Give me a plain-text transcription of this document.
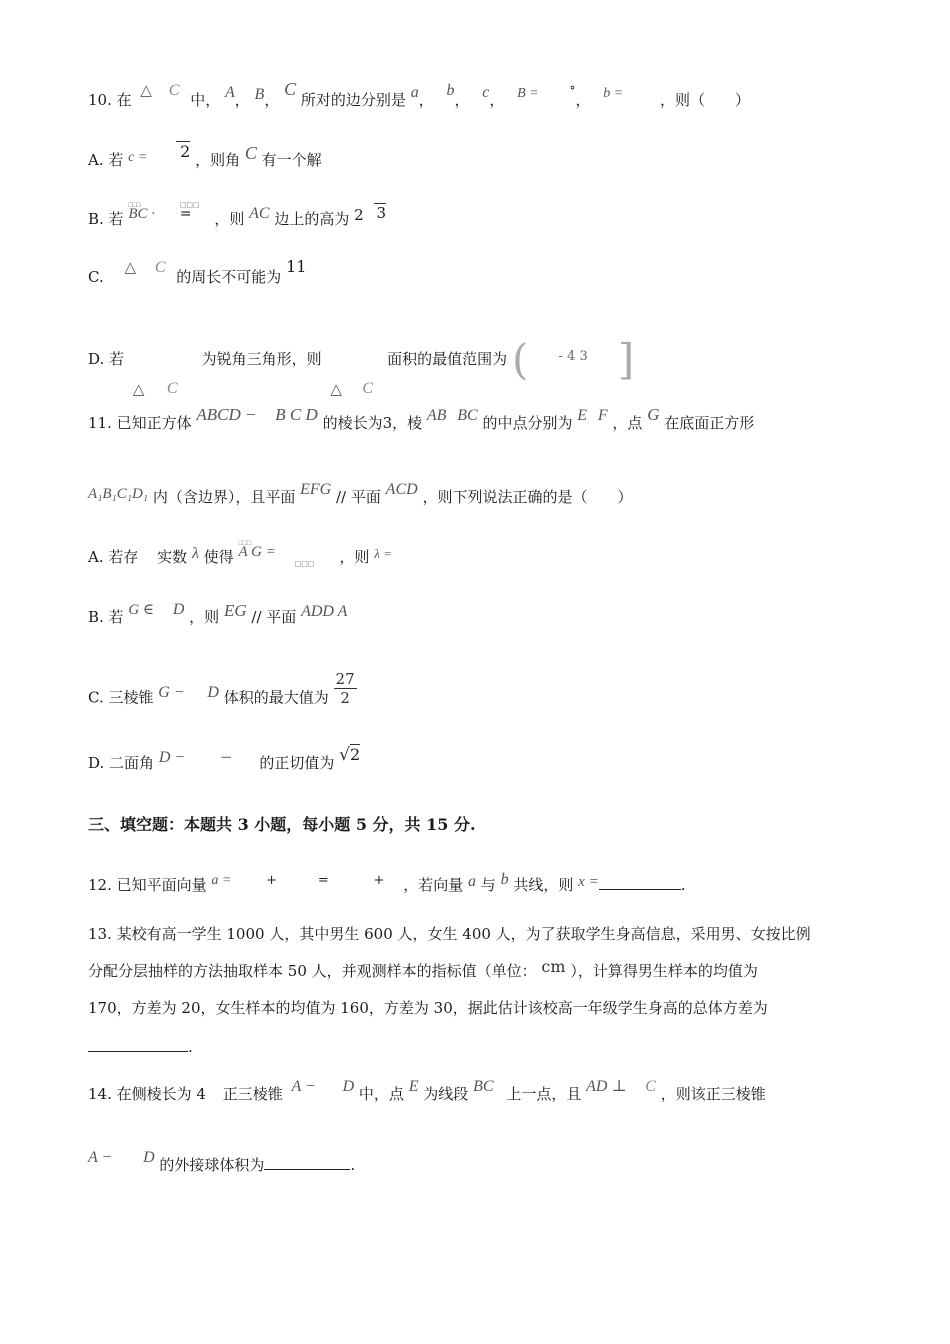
10. 在 △ C 中， A， B， C 所对的边分别是 a， b， c， B =	°， b = ，则（　　）
A. 若 c = 2 ，则角 C 有一个解
B. 若 □□□ BC · □□□ = ，则 AC 边上的高为 2 3
C. △ C 的周长不可能为 11
D. 若
△ C
为锐角三角形，则
△ C
面积的最值范围为 ( - 4 3 ]
11. 已知正方体 ABCD − B C D 的棱长为3，棱 AB BC 的中点分别为 E F ，点 G 在底面正方形
A₁B₁C₁D₁ 内（含边界），且平面 EFG // 平面 ACD ，则下列说法正确的是（　　）
A. 若存 实数 λ 使得 □□□ A G =	，则 λ =
B. 若 G ∈ D ，则 EG // 平面 ADD A
C. 三棱锥 G − D 体积的最大值为 $\frac{27}{2}$
D. 二面角 D − − 的正切值为 √2
三、填空题：本题共 3 小题，每小题 5 分，共 15 分.
12. 已知平面向量 a =	+	=	+ ，若向量 a 与 b 共线，则 x =	.
13. 某校有高一学生 1000 人，其中男生 600 人，女生 400 人，为了获取学生身高信息，采用男、女按比例
分配分层抽样的方法抽取样本 50 人，并观测样本的指标值（单位： cm ），计算得男生样本的均值为
170，方差为 20，女生样本的均值为 160，方差为 30，据此估计该校高一年级学生身高的总体方差为
.
14. 在侧棱长为 4 正三棱锥 A − D 中，点 E 为线段 BC 上一点，且 AD ⊥ C ，则该正三棱锥
A − D 的外接球体积为	.
